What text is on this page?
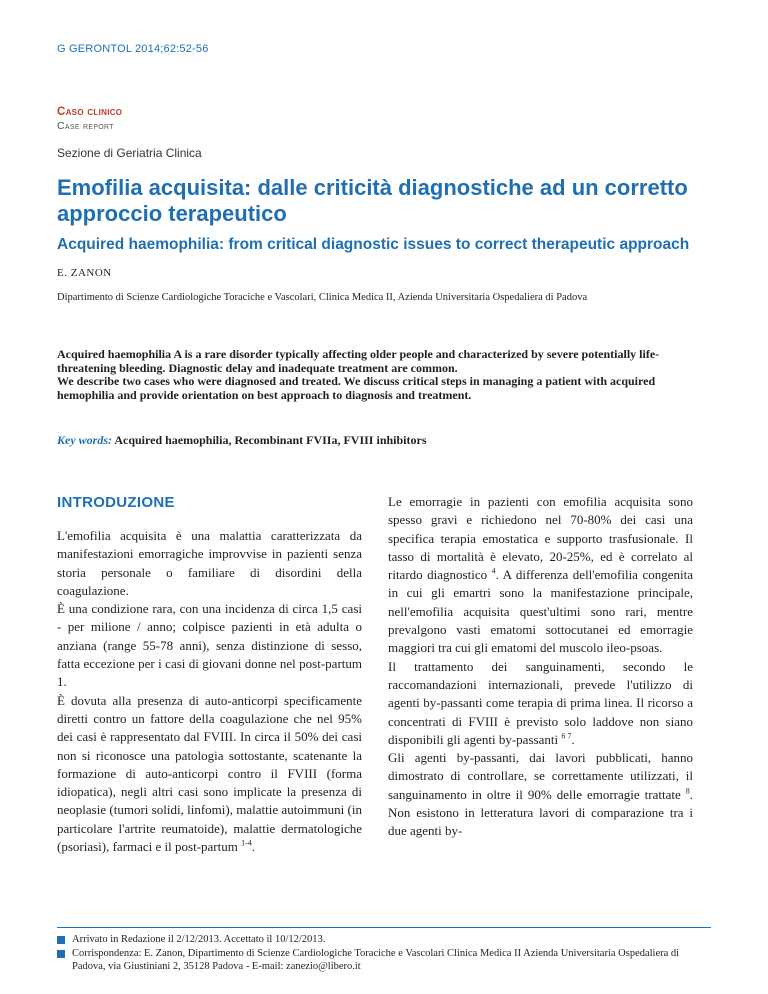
G GERONTOL 2014;62:52-56
Caso clinico
Case report
Sezione di Geriatria Clinica
Emofilia acquisita: dalle criticità diagnostiche ad un corretto approccio terapeutico
Acquired haemophilia: from critical diagnostic issues to correct therapeutic approach
E. ZANON
Dipartimento di Scienze Cardiologiche Toraciche e Vascolari, Clinica Medica II, Azienda Universitaria Ospedaliera di Padova

Acquired haemophilia A is a rare disorder typically affecting older people and characterized by severe potentially life-threatening bleeding. Diagnostic delay and inadequate treatment are common.

We describe two cases who were diagnosed and treated. We discuss critical steps in managing a patient with acquired hemophilia and provide orientation on best approach to diagnosis and treatment.

Key words: Acquired haemophilia, Recombinant FVIIa, FVIII inhibitors
INTRODUZIONE

L'emofilia acquisita è una malattia caratterizzata da manifestazioni emorragiche improvvise in pazienti senza storia personale o familiare di disordini della coagulazione.

È una condizione rara, con una incidenza di circa 1,5 casi - per milione / anno; colpisce pazienti in età adulta o anziana (range 55-78 anni), senza distinzione di sesso, fatta eccezione per i casi di giovani donne nel post-partum 1.

È dovuta alla presenza di auto-anticorpi specificamente diretti contro un fattore della coagulazione che nel 95% dei casi è rappresentato dal FVIII. In circa il 50% dei casi non si riconosce una patologia sottostante, scatenante la formazione di auto-anticorpi contro il FVIII (forma idiopatica), negli altri casi sono implicate la presenza di neoplasie (tumori solidi, linfomi), malattie autoimmuni (in particolare l'artrite reumatoide), malattie dermatologiche (psoriasi), farmaci e il post-partum $^{1-4}$.

Le emorragie in pazienti con emofilia acquisita sono spesso gravi e richiedono nel 70-80% dei casi una specifica terapia emostatica e supporto trasfusionale. Il tasso di mortalità è elevato, 20-25%, ed è correlato al ritardo diagnostico $^4$. A differenza dell'emofilia congenita in cui gli emartri sono la manifestazione principale, nell'emofilia acquisita quest'ultimi sono rari, mentre prevalgono vasti ematomi sottocutanei ed emorragie maggiori tra cui gli ematomi del muscolo ileo-psoas.

Il trattamento dei sanguinamenti, secondo le raccomandazioni internazionali, prevede l'utilizzo di agenti by-passanti come terapia di prima linea. Il ricorso a concentrati di FVIII è previsto solo laddove non siano disponibili gli agenti by-passanti $^{6 7}$.

Gli agenti by-passanti, dai lavori pubblicati, hanno dimostrato di controllare, se correttamente utilizzati, il sanguinamento in oltre il 90% delle emorragie trattate $^8$. Non esistono in letteratura lavori di comparazione tra i due agenti by-

Arrivato in Redazione il 2/12/2013. Accettato il 10/12/2013.
Corrispondenza: E. Zanon, Dipartimento di Scienze Cardiologiche Toraciche e Vascolari Clinica Medica II Azienda Universitaria Ospedaliera di Padova, via Giustiniani 2, 35128 Padova - E-mail: zanezio@libero.it
